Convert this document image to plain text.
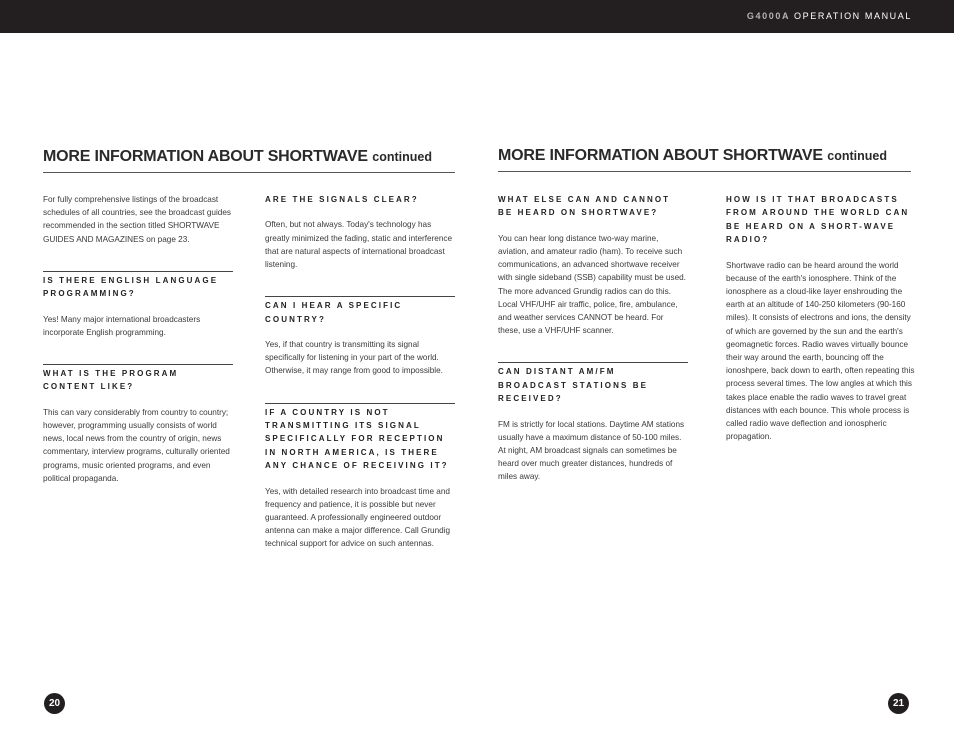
G4000A OPERATION MANUAL
MORE INFORMATION ABOUT SHORTWAVE continued

For fully comprehensive listings of the broadcast schedules of all countries, see the broadcast guides recommended in the section titled SHORTWAVE GUIDES AND MAGAZINES on page 23.

IS THERE ENGLISH LANGUAGE PROGRAMMING?

Yes! Many major international broadcasters incorporate English programming.

WHAT IS THE PROGRAM CONTENT LIKE?

This can vary considerably from country to country; however, programming usually consists of world news, local news from the country of origin, news commentary, interview programs, culturally oriented programs, music oriented programs, and even political propaganda.

ARE THE SIGNALS CLEAR?

Often, but not always. Today's technology has greatly minimized the fading, static and interference that are natural aspects of international broadcast listening.

CAN I HEAR A SPECIFIC COUNTRY?

Yes, if that country is transmitting its signal specifically for listening in your part of the world. Otherwise, it may range from good to impossible.

IF A COUNTRY IS NOT TRANSMITTING ITS SIGNAL SPECIFICALLY FOR RECEPTION IN NORTH AMERICA, IS THERE ANY CHANCE OF RECEIVING IT?

Yes, with detailed research into broadcast time and frequency and patience, it is possible but never guaranteed. A professionally engineered outdoor antenna can make a major difference. Call Grundig technical support for advice on such antennas.

20
MORE INFORMATION ABOUT SHORTWAVE continued
WHAT ELSE CAN AND CANNOT BE HEARD ON SHORTWAVE?

You can hear long distance two-way marine, aviation, and amateur radio (ham). To receive such communications, an advanced shortwave receiver with single sideband (SSB) capability must be used. The more advanced Grundig radios can do this. Local VHF/UHF air traffic, police, fire, ambulance, and weather services CANNOT be heard. For these, use a VHF/UHF scanner.

CAN DISTANT AM/FM BROADCAST STATIONS BE RECEIVED?

FM is strictly for local stations. Daytime AM stations usually have a maximum distance of 50-100 miles. At night, AM broadcast signals can sometimes be heard over much greater distances, hundreds of miles away.

HOW IS IT THAT BROADCASTS FROM AROUND THE WORLD CAN BE HEARD ON A SHORT-WAVE RADIO?

Shortwave radio can be heard around the world because of the earth's ionosphere. Think of the ionosphere as a cloud-like layer enshrouding the earth at an altitude of 140-250 kilometers (90-160 miles). It consists of electrons and ions, the density of which are governed by the sun and the earth's geomagnetic forces. Radio waves virtually bounce their way around the earth, bouncing off the ionoshpere, back down to earth, often repeating this process several times. The low angles at which this takes place enable the radio waves to travel great distances with each bounce. This whole process is called radio wave deflection and ionospheric propagation.

21
